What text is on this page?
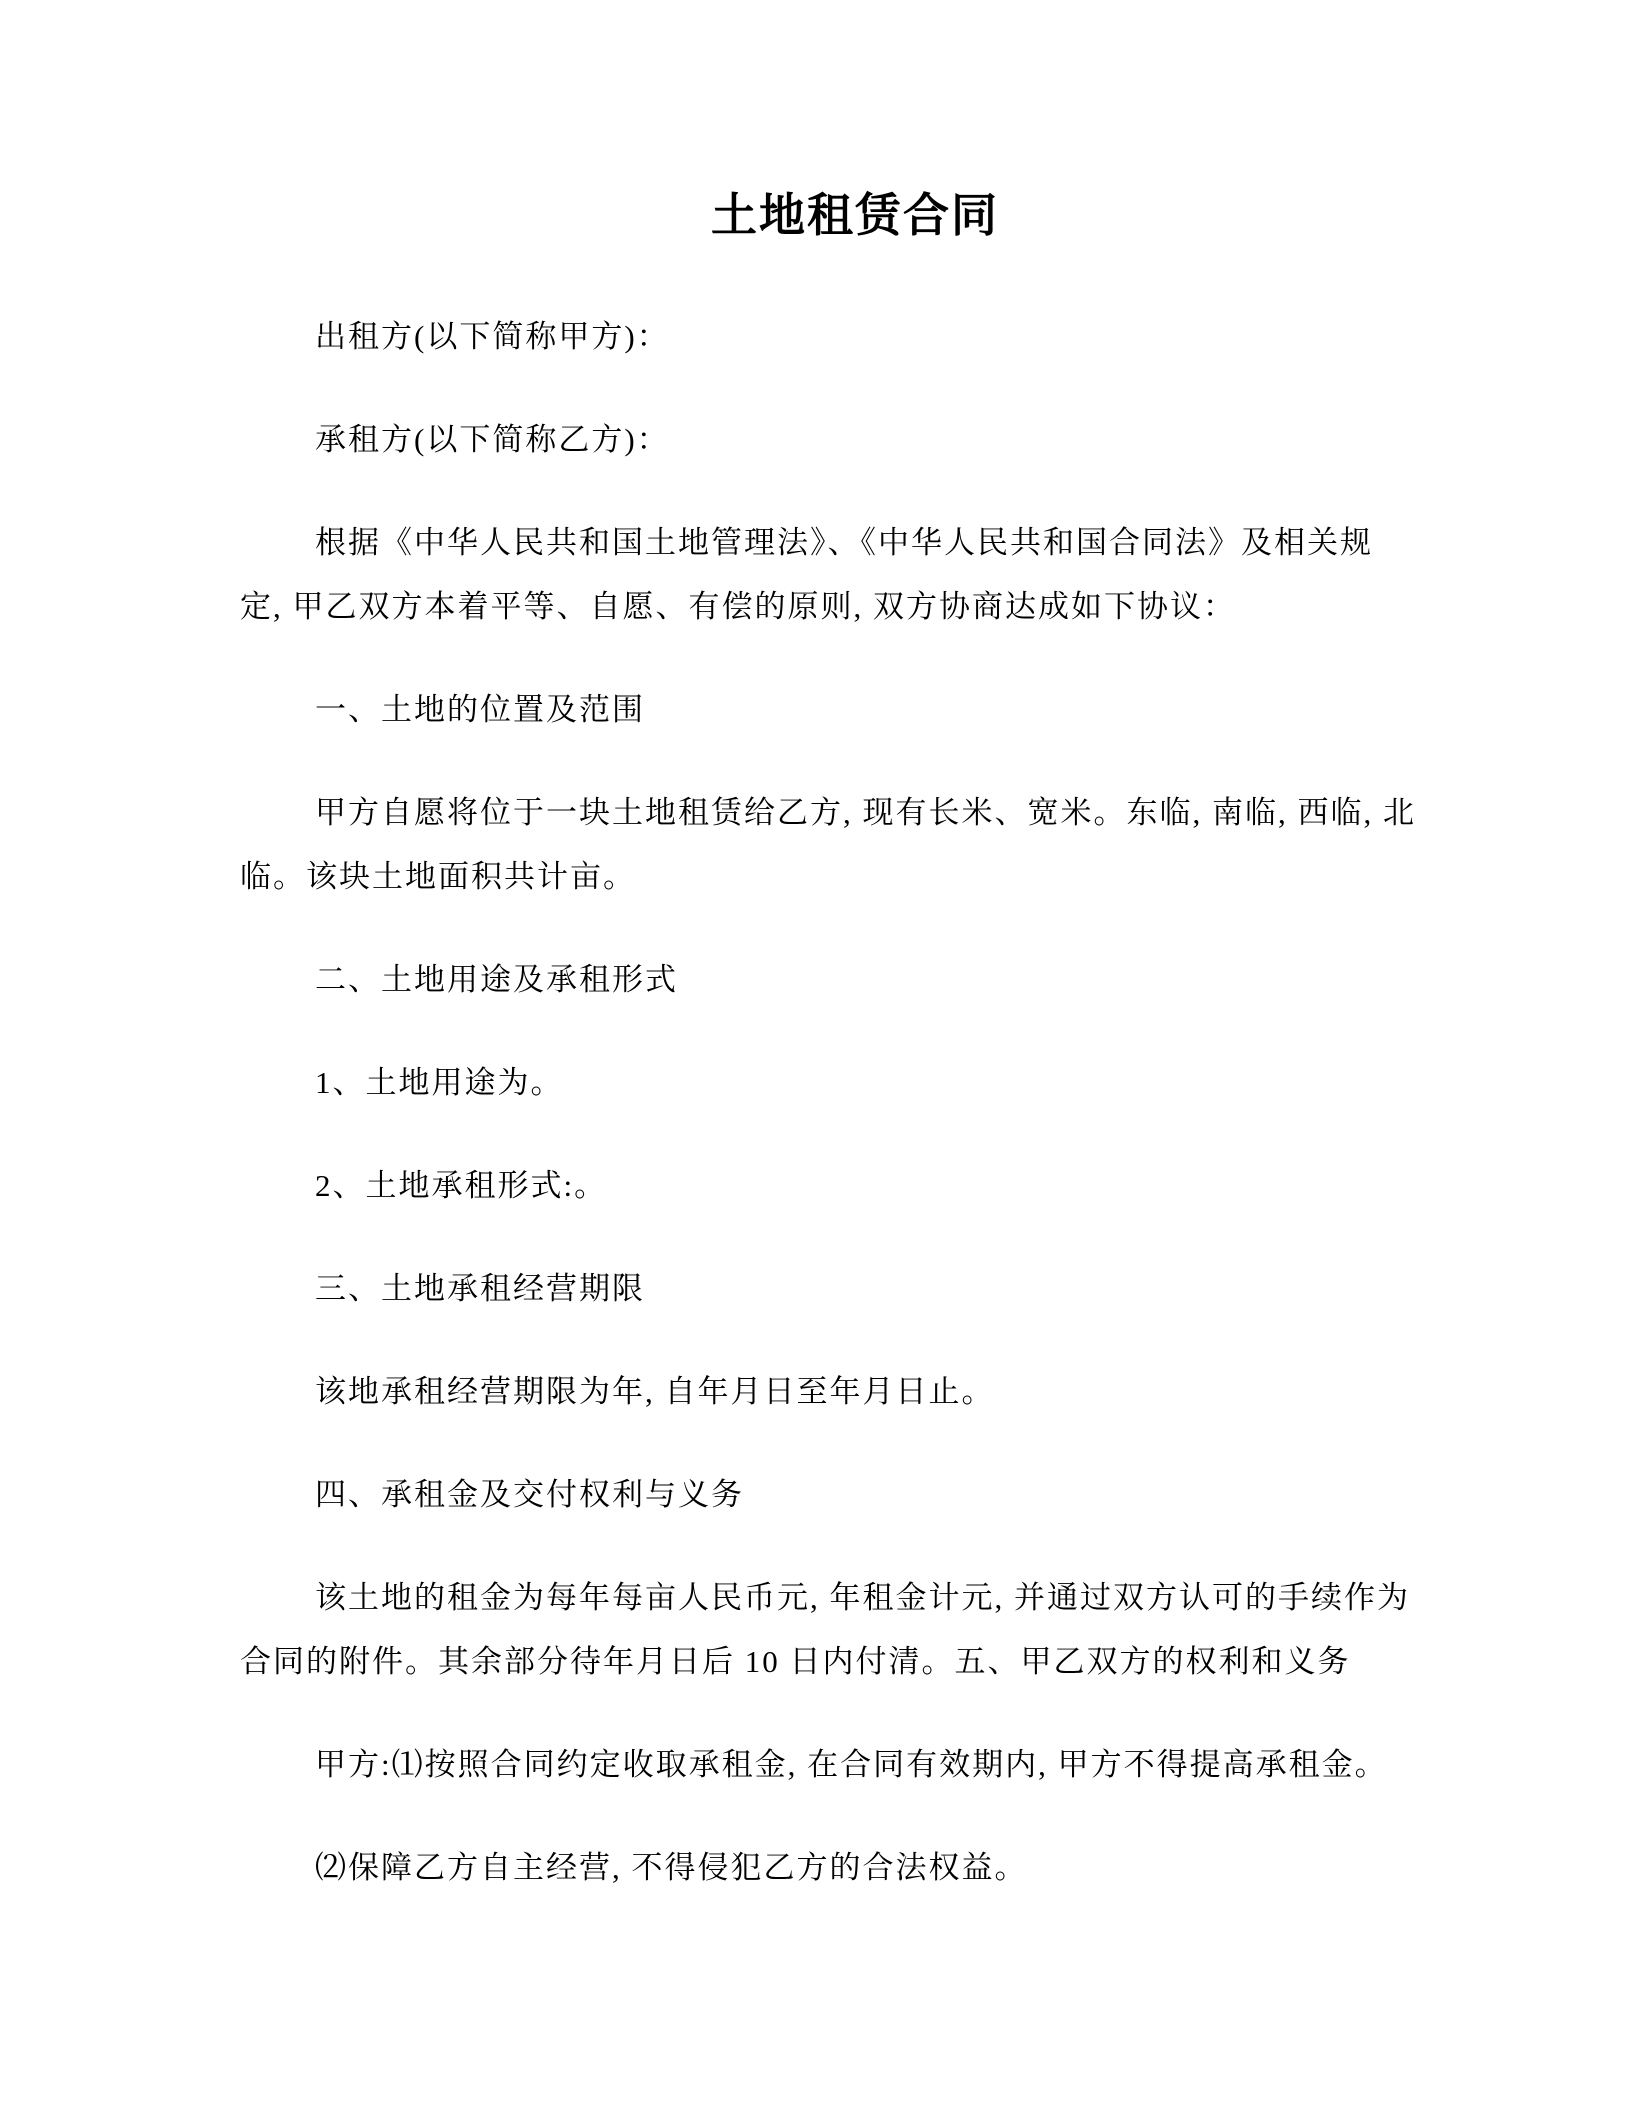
土地租赁合同
出租方(以下简称甲方)：
承租方(以下简称乙方)：
根据《中华人民共和国土地管理法》、《中华人民共和国合同法》及相关规
定, 甲乙双方本着平等、自愿、有偿的原则, 双方协商达成如下协议：
一、土地的位置及范围
甲方自愿将位于一块土地租赁给乙方, 现有长米、宽米。东临, 南临, 西临, 北
临。该块土地面积共计亩。
二、土地用途及承租形式
1、土地用途为。
2、土地承租形式:。
三、土地承租经营期限
该地承租经营期限为年, 自年月日至年月日止。
四、承租金及交付权利与义务
该土地的租金为每年每亩人民币元, 年租金计元, 并通过双方认可的手续作为
合同的附件。其余部分待年月日后 10 日内付清。五、甲乙双方的权利和义务
甲方:⑴按照合同约定收取承租金, 在合同有效期内, 甲方不得提高承租金。
⑵保障乙方自主经营, 不得侵犯乙方的合法权益。
